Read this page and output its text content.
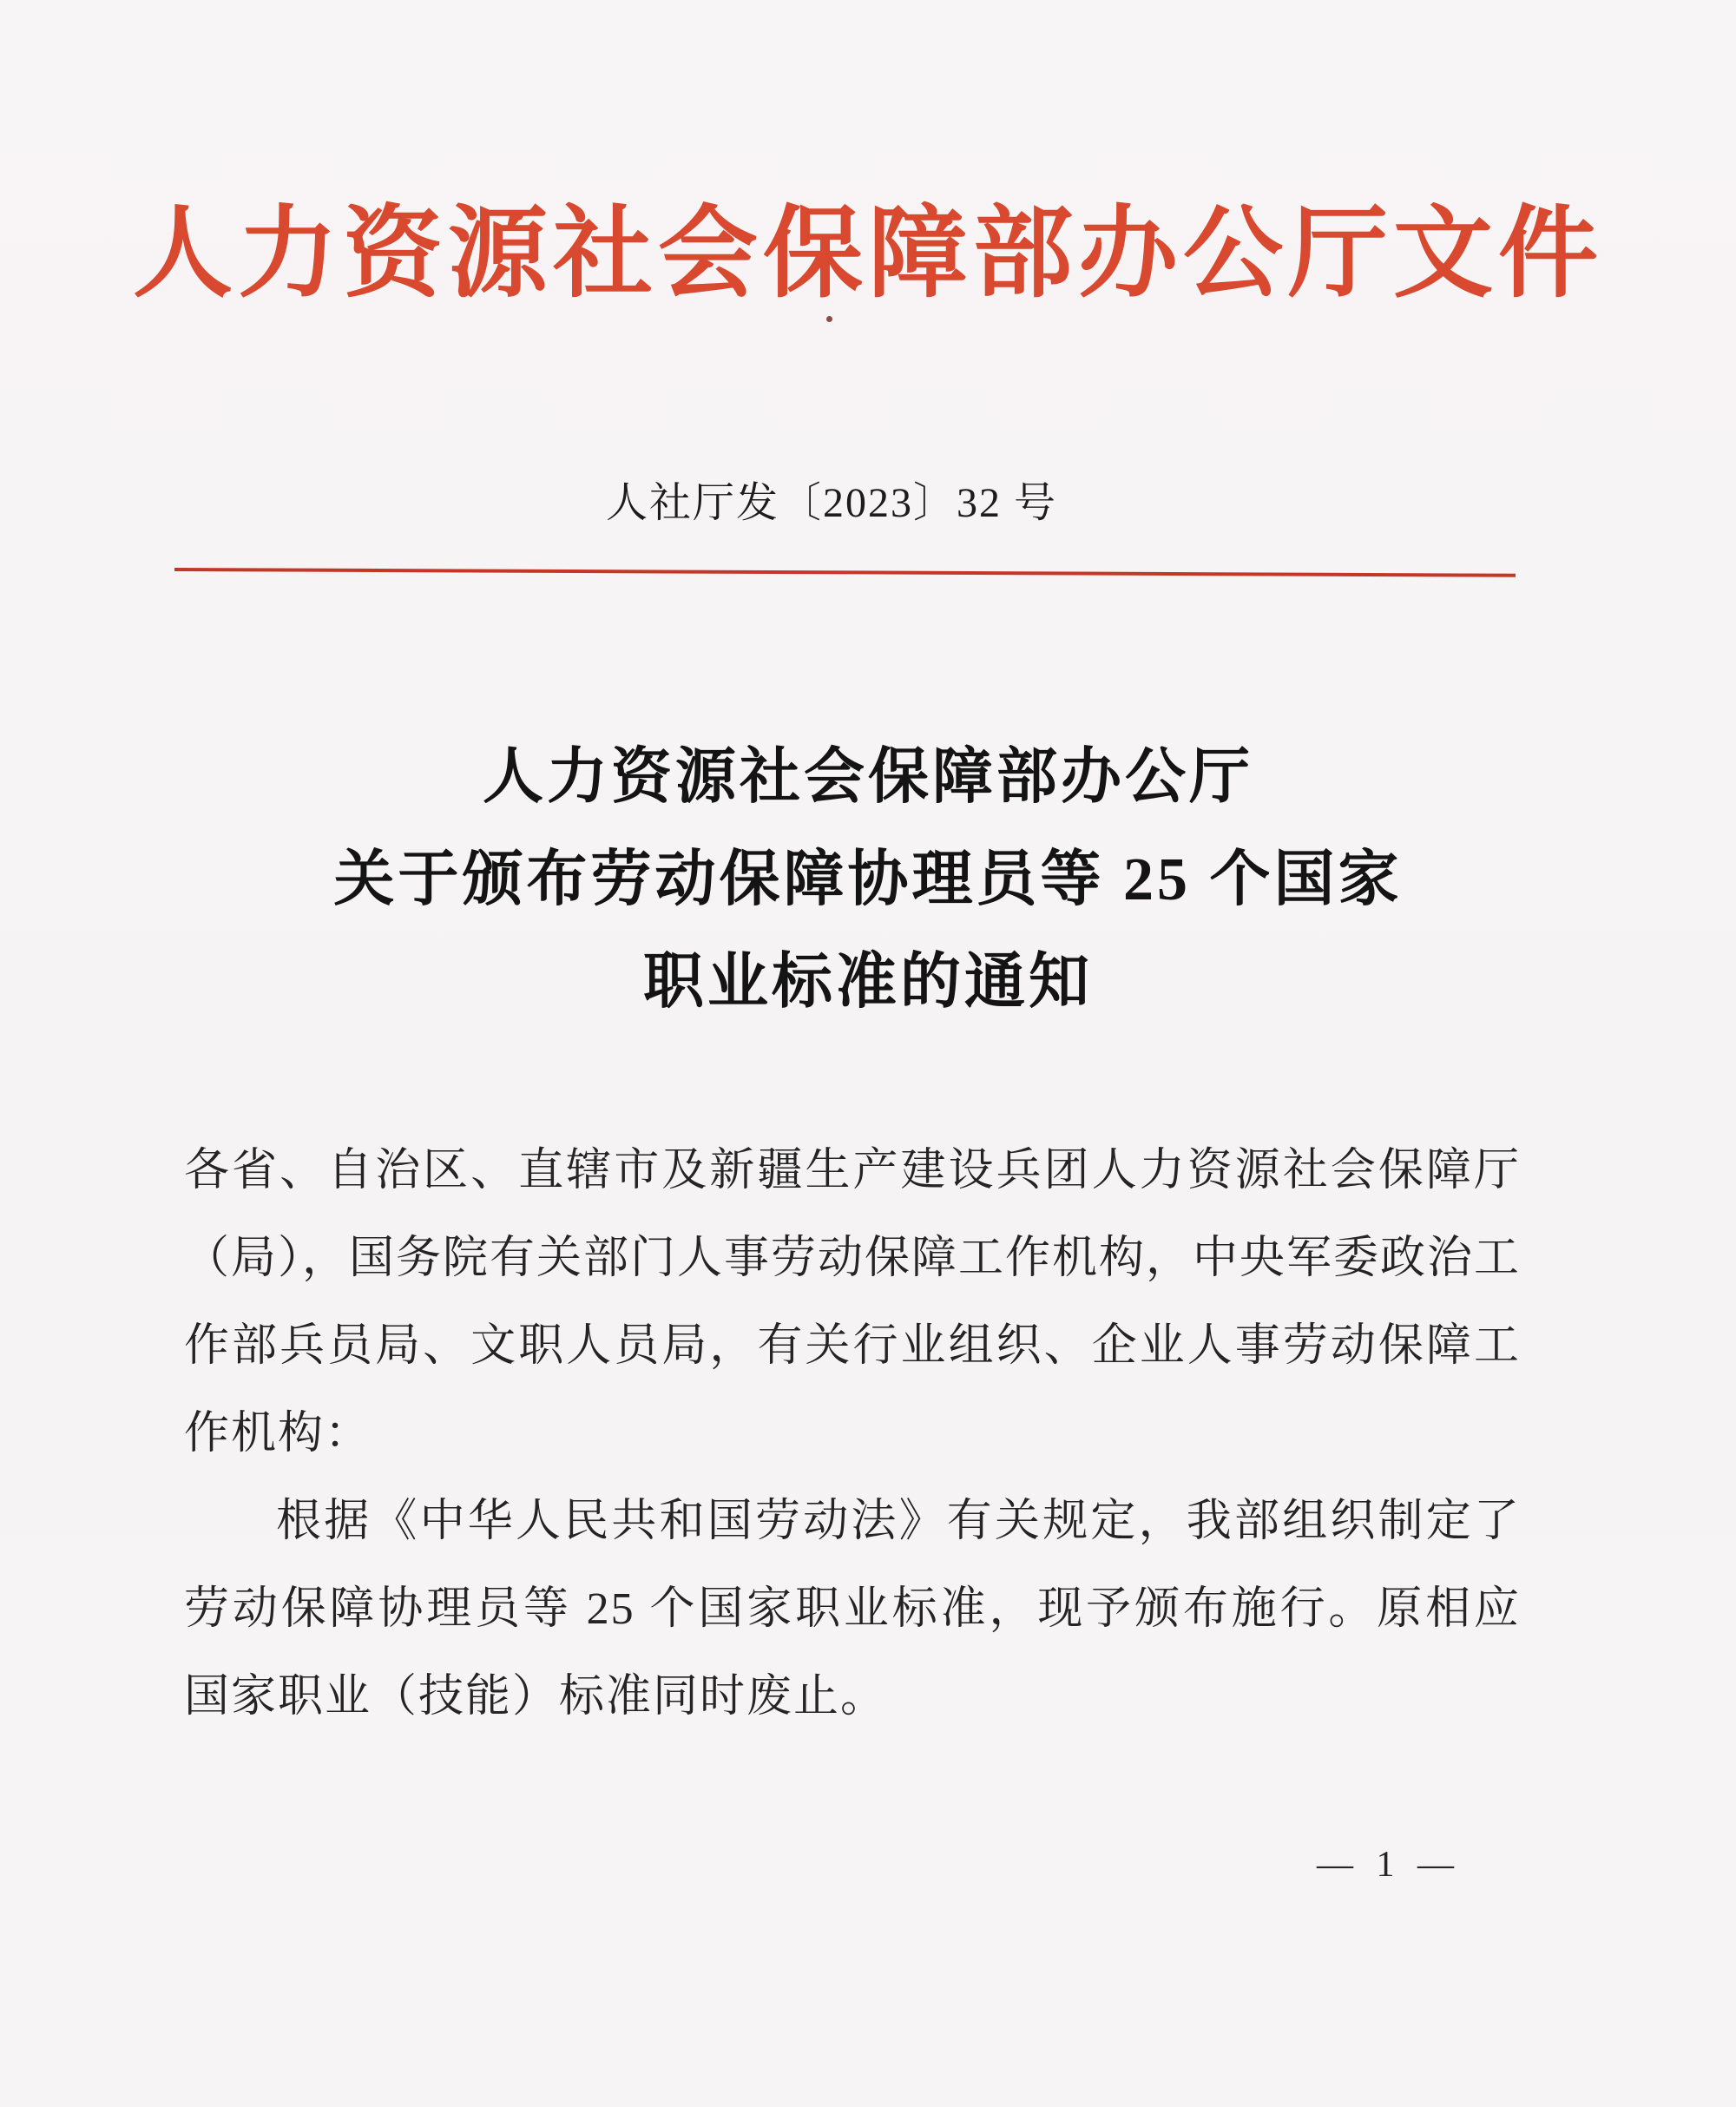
人力资源社会保障部办公厅文件
人社厅发〔2023〕32 号
人力资源社会保障部办公厅
关于颁布劳动保障协理员等 25 个国家
职业标准的通知
各省、自治区、直辖市及新疆生产建设兵团人力资源社会保障厅
（局），国务院有关部门人事劳动保障工作机构，中央军委政治工
作部兵员局、文职人员局，有关行业组织、企业人事劳动保障工
作机构：
根据《中华人民共和国劳动法》有关规定，我部组织制定了
劳动保障协理员等 25 个国家职业标准，现予颁布施行。原相应
国家职业（技能）标准同时废止。
— 1 —
